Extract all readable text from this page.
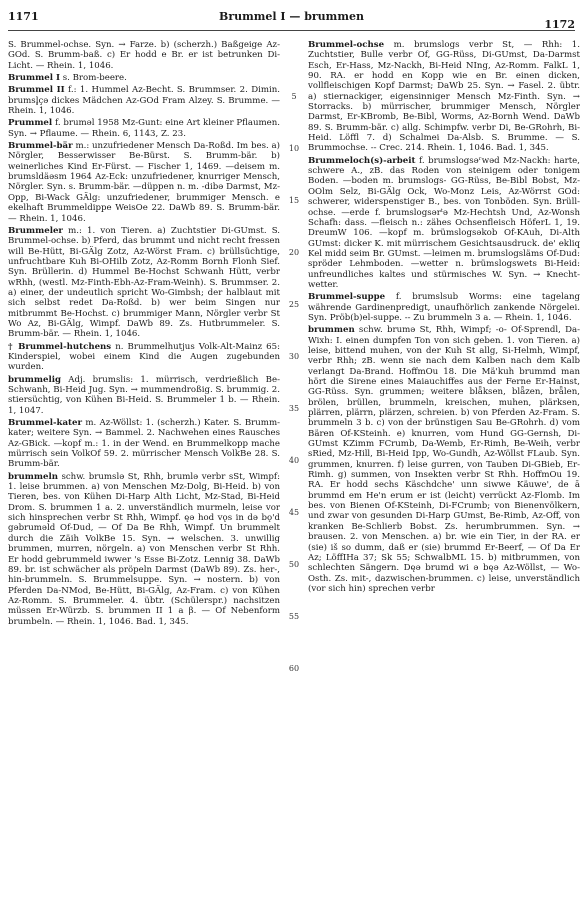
1171	Brummel I — brummen
1172

S. Brummel-ochse. Syn. → Farze. b) (scherzh.) Baßgeige Az-GOd. S. Brumm-baß. c) Er hodd e Br. er ist betrunken Di-Licht. — Rhein. 1, 1046.

Brummel I s. Brom-beere.

Brummel II f.: 1. Hummel Az-Becht. S. Brummser. 2. Dimin. brumsl̥çə dickes Mädchen Az-GOd Fram Alzey. S. Brumme. — Rhein. 1, 1046.

Prummel f. brumǝl 1958 Mz-Gunt: eine Art kleiner Pflaumen. Syn. → Pflaume. — Rhein. 6, 1143, Z. 23.

Brummel-bär m.: unzufriedener Mensch Da-Roßd. Im bes. a) Nörgler, Besserwisser Be-Bürst. S. Brumm-bär. b) weinerliches Kind Er-Fürst. — Fischer 1, 1469. —deisem m. brumsldäəsm 1964 Az-Eck: unzufriedener, knurriger Mensch, Nörgler. Syn. s. Brumm-bär. —düppen n. m. -dibə Darmst, Mz-Opp, Bi-Wack GÄlg: unzufriedener, brummiger Mensch. e ekelhaft Brummeldippe WeisOe 22. DaWb 89. S. Brumm-bär. — Rhein. 1, 1046.

Brummeler m.: 1. von Tieren. a) Zuchtstier Di-GUmst. S. Brummel-ochse. b) Pferd, das brummt und nicht recht fressen will Be-Hütt, Bi-GÄlg Zotz, Az-Wörst Fram. c) brüllsüchtige, unfruchtbare Kuh Bi-OHilb Zotz, Az-Romm Bornh Flonh Sief. Syn. Brüllerin. d) Hummel Be-Hochst Schwanh Hütt, verbr wRhh, (westl. Mz-Finth-Ebh-Az-Fram-Weinh). S. Brummser. 2. a) einer, der undeutlich spricht Wo-Gimbsh; der halblaut mit sich selbst redet Da-Roßd. b) wer beim Singen nur mitbrummt Be-Hochst. c) brummiger Mann, Nörgler verbr St Wo Az, Bi-GÄlg, Wimpf. DaWb 89. Zs. Hutbrummeler. S. Brumm-bär. — Rhein. 1, 1046.

† Brummel-hutchens n. Brummelhutjus Volk-Alt-Mainz 65: Kinderspiel, wobei einem Kind die Augen zugebunden wurden.

brummelig Adj. brumslis: 1. mürrisch, verdrießlich Be-Schwanh, Bi-Heid Jug. Syn. → mummendroßig. S. brummig. 2. stiersüchtig, von Kühen Bi-Heid. S. Brummeler 1 b. — Rhein. 1, 1047.

Brummel-kater m. Az-Wöllst: 1. (scherzh.) Kater. S. Brumm-kater; weitere Syn. → Bammel. 2. Nachwehen eines Rausches Az-GBick. —kopf m.: 1. in der Wend. en Brummelkopp mache mürrisch sein VolkOf 59. 2. mürrischer Mensch VolkBe 28. S. Brumm-bär.

brummeln schw. brumslə St, Rhh, brumlə verbr sSt, Wimpf: 1. leise brummen. a) von Menschen Mz-Dolg, Bi-Heid. b) von Tieren, bes. von Kühen Di-Harp Alth Licht, Mz-Stad, Bi-Heid Drom. S. brummen 1 a. 2. unverständlich murmeln, leise vor sich hinsprechen verbr St Rhh, Wimpf. ęə hod vǫs in də bǫ'd gəbrumǝld Of-Dud, — Of Da Be Rhh, Wimpf. Un brummelt durch die Zäih VolkBe 15. Syn. → welschen. 3. unwillig brummen, murren, nörgeln. a) von Menschen verbr St Rhh. Er hodd gebrummeld iwwer 's Esse Bi-Zotz. Lennig 38. DaWb 89. br. ist schwächer als pröpeln Darmst (DaWb 89). Zs. her-, hin-brummeln. S. Brummelsuppe. Syn. → nostern. b) von Pferden Da-NMod, Be-Hütt, Bi-GÄlg, Az-Fram. c) von Kühen Az-Romm. S. Brummeler. 4. übtr. (Schülerspr.) nachsitzen müssen Er-Würzb. S. brummen II 1 a β. — Of Nebenform brumbeln. — Rhein. 1, 1046. Bad. 1, 345.

5
10
15
20
25
30
35
40
45
50
55
60

Brummel-ochse m. brumslogs verbr St, — Rhh: 1. Zuchtstier, Bulle verbr Of, GG-Rüss, Di-GUmst, Da-Darmst Esch, Er-Hass, Mz-Nackh, Bi-Heid NIng, Az-Romm. FalkL 1, 90. RA. er hodd en Kopp wie en Br. einen dicken, vollfleischigen Kopf Darmst; DaWb 25. Syn. → Fasel. 2. übtr. a) stiernackiger, eigensinniger Mensch Mz-Finth. Syn. → Storracks. b) mürrischer, brummiger Mensch, Nörgler Darmst, Er-KBromb, Be-Bibl, Worms, Az-Bornh Wend. DaWb 89. S. Brumm-bär. c) allg. Schimpfw. verbr Di, Be-GRohrh, Bi-Heid. Löffl 7. d) Schalmei Da-Alsb. S. Brumme. — S. Brummochse. -- Crec. 214. Rhein. 1, 1046. Bad. 1, 345.

Brummeloch(s)-arbeit f. brumslogsəʳwəd Mz-Nackh: harte, schwere A., zB. das Roden von steinigem oder tonigem Boden. —boden m. brumslogs- GG-Rüss, Be-Bibl Bobst, Mz-OOlm Selz, Bi-GÄlg Ock, Wo-Monz Leis, Az-Wörrst GOd: schwerer, widerspenstiger B., bes. von Tonböden. Syn. Brüll-ochse. —erde f. brumslogsərᵗə Mz-Hechtsh Und, Az-Wonsh Schafh: dass. —fleisch n.: zähes Ochsenfleisch HöferL 1, 19. DreumW 106. —kopf m. brümslogsǝkob Of-KAuh, Di-Alth GUmst: dicker K. mit mürrischem Gesichtsausdruck. de' ekliq Kel midd seim Br. GUmst. —leimen m. brumslogsläms Of-Dud: spröder Lehmboden. —wetter n. brümslogswets Bi-Heid: unfreundliches kaltes und stürmisches W. Syn. → Knecht-wetter.

Brummel-suppe f. brumslsub Worms: eine tagelang währende Gardinenpredigt, unaufhörlich zankende Nörgelei. Syn. Pröb(b)el-suppe. -- Zu brummeln 3 a. — Rhein. 1, 1046.

brummen schw. brumə St, Rhh, Wimpf; -o- Of-Sprendl, Da-Wixh: I. einen dumpfen Ton von sich geben. 1. von Tieren. a) leise, bittend muhen, von der Kuh St allg, Si-Helmh, Wimpf, verbr Rhh; zB. wenn sie nach dem Kalben nach dem Kalb verlangt Da-Brand. HoffmOu 18. Die Mä'kuh brummd man hört die Sirene eines Maiauchiffes aus der Ferne Er-Hainst, GG-Rüss. Syn. grummen; weitere blǟksen, blǟzen, brǟlen, brölen, brüllen, brummeln, kreischen, muhen, plärksen, plärren, plärrn, plärzen, schreien. b) von Pferden Az-Fram. S. brummeln 3 b. c) von der brünstigen Sau Be-GRohrh. d) vom Bären Of-KSteinh. e) knurren, vom Hund GG-Gernsh, Di-GUmst KZimm FCrumb, Da-Wemb, Er-Rimh, Be-Weih, verbr sRied, Mz-Hill, Bi-Heid Ipp, Wo-Gundh, Az-Wöllst FLaub. Syn. grummen, knurren. f) leise gurren, von Tauben Di-GBieb, Er-Rimh. g) summen, von Insekten verbr St Rhh. HoffmOu 19. RA. Er hodd sechs Käschdche' unn siwwe Käuwe', de ā brummd em He'n erum er ist (leicht) verrückt Az-Flomb. Im bes. von Bienen Of-KSteinh, Di-FCrumb; von Bienenvölkern, und zwar von gesunden Di-Harp GUmst, Be-Rimb, Az-Off, von kranken Be-Schlierb Bobst. Zs. herumbrummen. Syn. → brausen. 2. von Menschen. a) br. wie ein Tier, in der RA. er (sie) iš so dumm, daß er (sie) brummd Er-Beerf, — Of Da Er Az; LöffIHa 37; Sk 55; SchwalbML 15. b) mitbrummen, von schlechten Sängern. Dęə brumd wi ə bęə Az-Wöllst, — Wo-Osth. Zs. mit-, dazwischen-brummen. c) leise, unverständlich (vor sich hin) sprechen verbr
